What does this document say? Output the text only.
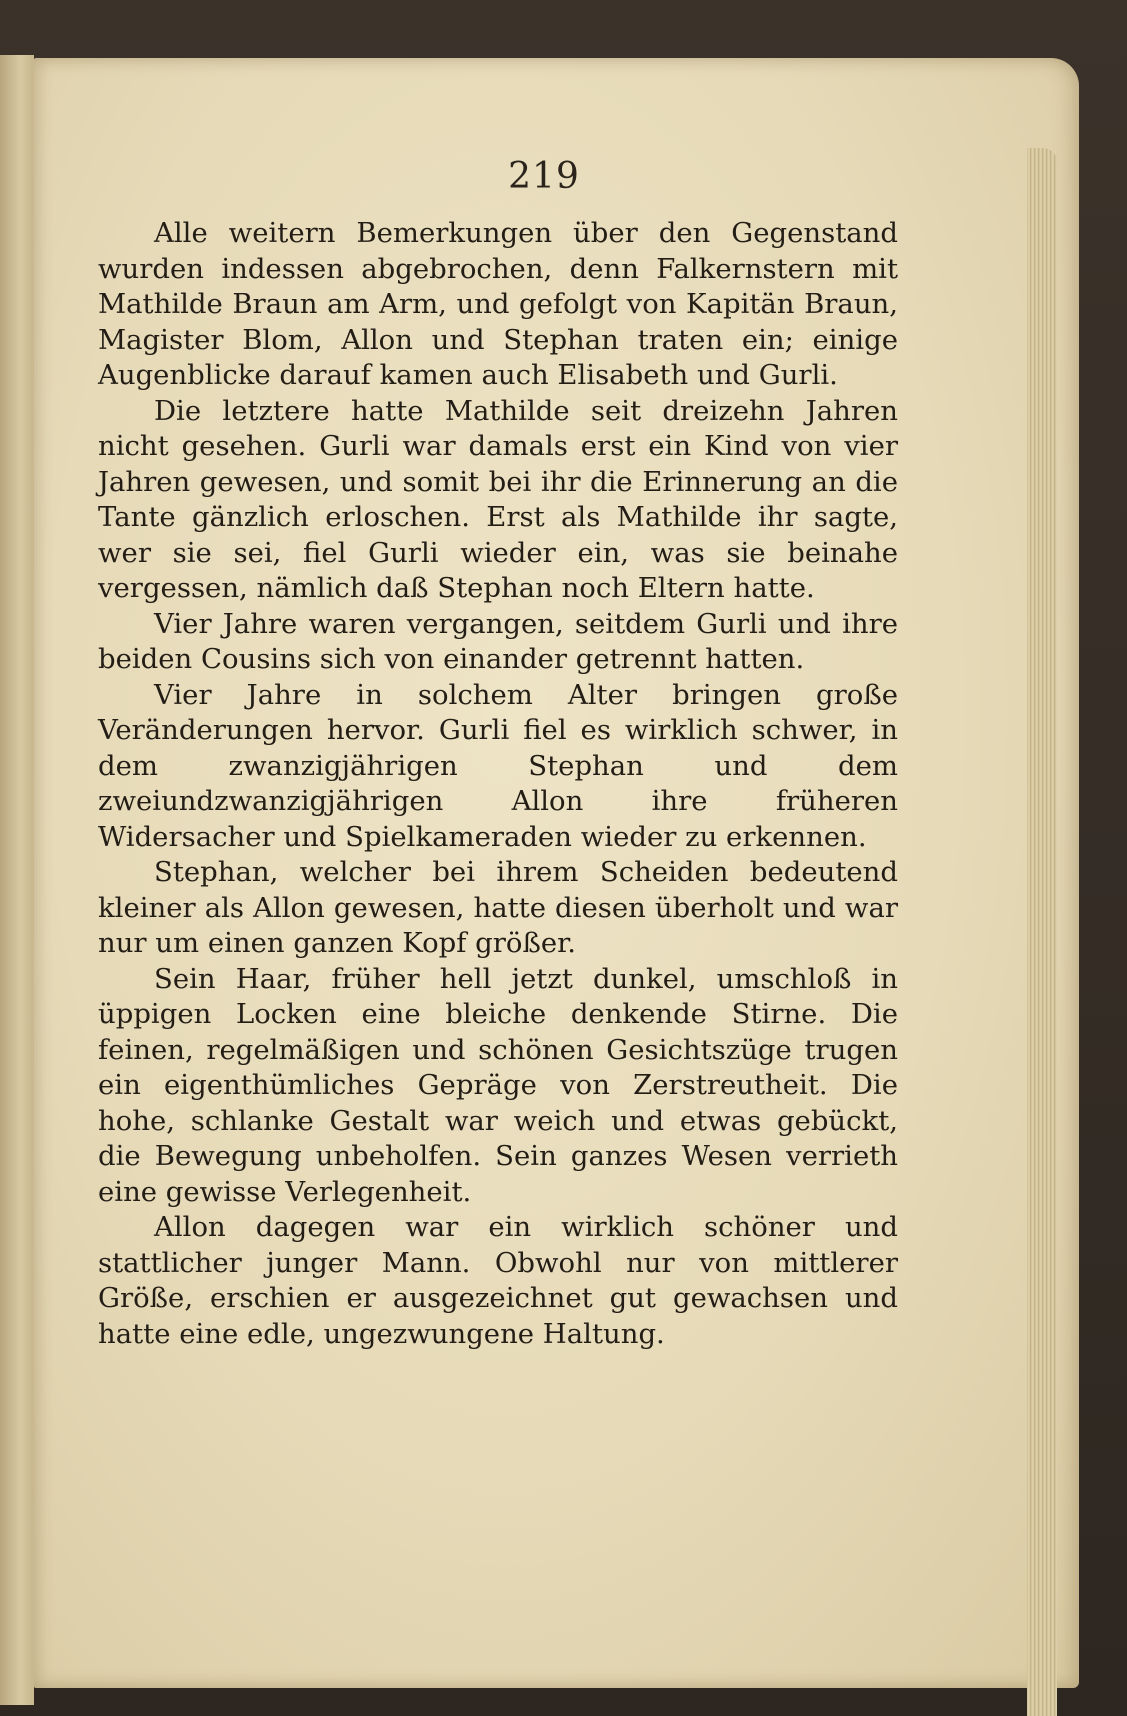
219

Alle weitern Bemerkungen über den Gegenstand wurden indessen abgebrochen, denn Falkernstern mit Mathilde Braun am Arm, und gefolgt von Kapitän Braun, Magister Blom, Allon und Stephan traten ein; einige Augenblicke darauf kamen auch Elisabeth und Gurli.

Die letztere hatte Mathilde seit dreizehn Jahren nicht gesehen. Gurli war damals erst ein Kind von vier Jahren gewesen, und somit bei ihr die Erinnerung an die Tante gänzlich erloschen. Erst als Mathilde ihr sagte, wer sie sei, fiel Gurli wieder ein, was sie beinahe vergessen, nämlich daß Stephan noch Eltern hatte.

Vier Jahre waren vergangen, seitdem Gurli und ihre beiden Cousins sich von einander getrennt hatten.

Vier Jahre in solchem Alter bringen große Veränderungen hervor. Gurli fiel es wirklich schwer, in dem zwanzigjährigen Stephan und dem zweiundzwanzigjährigen Allon ihre früheren Widersacher und Spielkameraden wieder zu erkennen.

Stephan, welcher bei ihrem Scheiden bedeutend kleiner als Allon gewesen, hatte diesen überholt und war nur um einen ganzen Kopf größer.

Sein Haar, früher hell jetzt dunkel, umschloß in üppigen Locken eine bleiche denkende Stirne. Die feinen, regelmäßigen und schönen Gesichtszüge trugen ein eigenthümliches Gepräge von Zerstreutheit. Die hohe, schlanke Gestalt war weich und etwas gebückt, die Bewegung unbeholfen. Sein ganzes Wesen verrieth eine gewisse Verlegenheit.

Allon dagegen war ein wirklich schöner und stattlicher junger Mann. Obwohl nur von mittlerer Größe, erschien er ausgezeichnet gut gewachsen und hatte eine edle, ungezwungene Haltung.
